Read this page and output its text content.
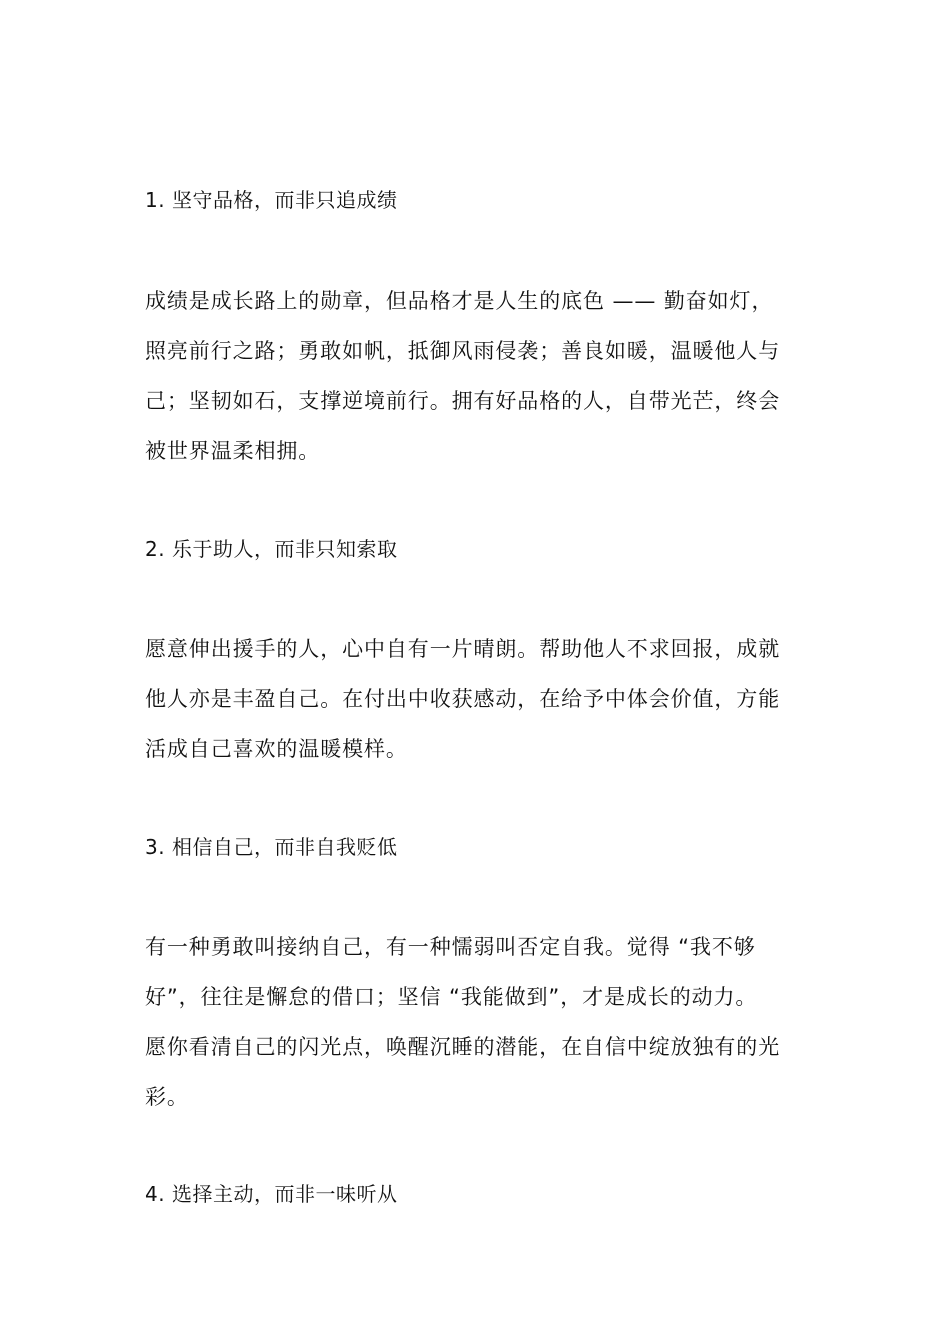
1. 坚守品格，而非只追成绩
成绩是成长路上的勋章，但品格才是人生的底色 —— 勤奋如灯，
照亮前行之路；勇敢如帆，抵御风雨侵袭；善良如暖，温暖他人与
己；坚韧如石，支撑逆境前行。拥有好品格的人，自带光芒，终会
被世界温柔相拥。
2. 乐于助人，而非只知索取
愿意伸出援手的人，心中自有一片晴朗。帮助他人不求回报，成就
他人亦是丰盈自己。在付出中收获感动，在给予中体会价值，方能
活成自己喜欢的温暖模样。
3. 相信自己，而非自我贬低
有一种勇敢叫接纳自己，有一种懦弱叫否定自我。觉得 “我不够
好”，往往是懈怠的借口；坚信 “我能做到”，才是成长的动力。
愿你看清自己的闪光点，唤醒沉睡的潜能，在自信中绽放独有的光
彩。
4. 选择主动，而非一味听从
